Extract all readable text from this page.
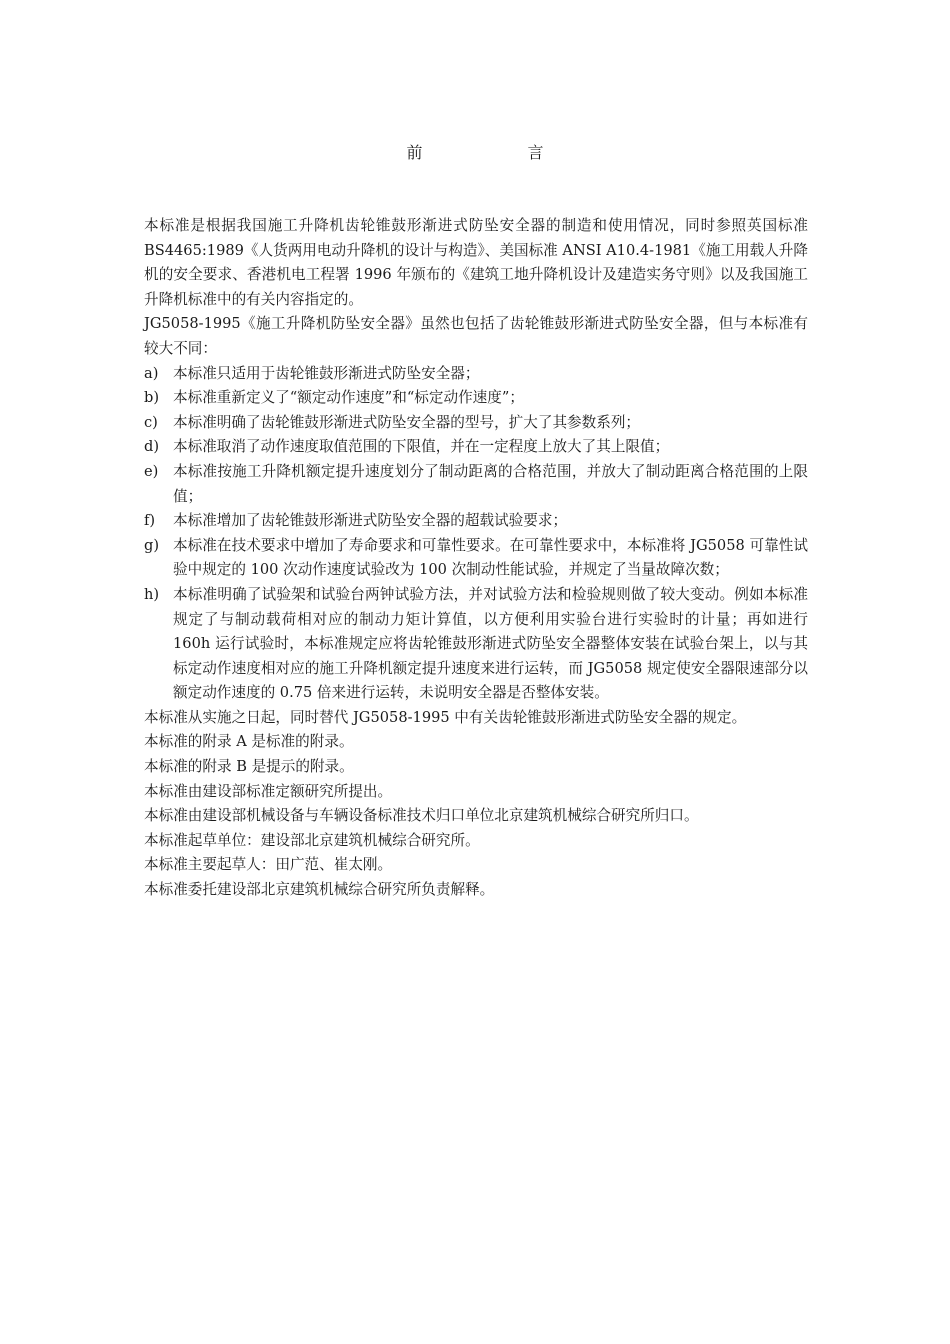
前 言

本标准是根据我国施工升降机齿轮锥鼓形渐进式防坠安全器的制造和使用情况，同时参照英国标准 BS4465:1989《人货两用电动升降机的设计与构造》、美国标准 ANSI A10.4-1981《施工用载人升降机的安全要求、香港机电工程署 1996 年颁布的《建筑工地升降机设计及建造实务守则》以及我国施工升降机标准中的有关内容指定的。

JG5058-1995《施工升降机防坠安全器》虽然也包括了齿轮锥鼓形渐进式防坠安全器，但与本标准有较大不同：

a) 本标准只适用于齿轮锥鼓形渐进式防坠安全器；
b) 本标准重新定义了“额定动作速度”和“标定动作速度”；
c)	本标准明确了齿轮锥鼓形渐进式防坠安全器的型号，扩大了其参数系列；
d) 本标准取消了动作速度取值范围的下限值，并在一定程度上放大了其上限值；
e)	本标准按施工升降机额定提升速度划分了制动距离的合格范围，并放大了制动距离合格范围的上限值；
f)	本标准增加了齿轮锥鼓形渐进式防坠安全器的超载试验要求；
g) 本标准在技术要求中增加了寿命要求和可靠性要求。在可靠性要求中，本标准将 JG5058 可靠性试验中规定的 100 次动作速度试验改为 100 次制动性能试验，并规定了当量故障次数；
h) 本标准明确了试验架和试验台两钟试验方法，并对试验方法和检验规则做了较大变动。例如本标准规定了与制动载荷相对应的制动力矩计算值，以方便利用实验台进行实验时的计量；再如进行 160h 运行试验时，本标准规定应将齿轮锥鼓形渐进式防坠安全器整体安装在试验台架上，以与其标定动作速度相对应的施工升降机额定提升速度来进行运转，而 JG5058 规定使安全器限速部分以额定动作速度的 0.75 倍来进行运转，未说明安全器是否整体安装。

本标准从实施之日起，同时替代 JG5058-1995 中有关齿轮锥鼓形渐进式防坠安全器的规定。

本标准的附录 A 是标准的附录。

本标准的附录 B 是提示的附录。

本标准由建设部标准定额研究所提出。

本标准由建设部机械设备与车辆设备标准技术归口单位北京建筑机械综合研究所归口。

本标准起草单位：建设部北京建筑机械综合研究所。

本标准主要起草人：田广范、崔太刚。

本标准委托建设部北京建筑机械综合研究所负责解释。
